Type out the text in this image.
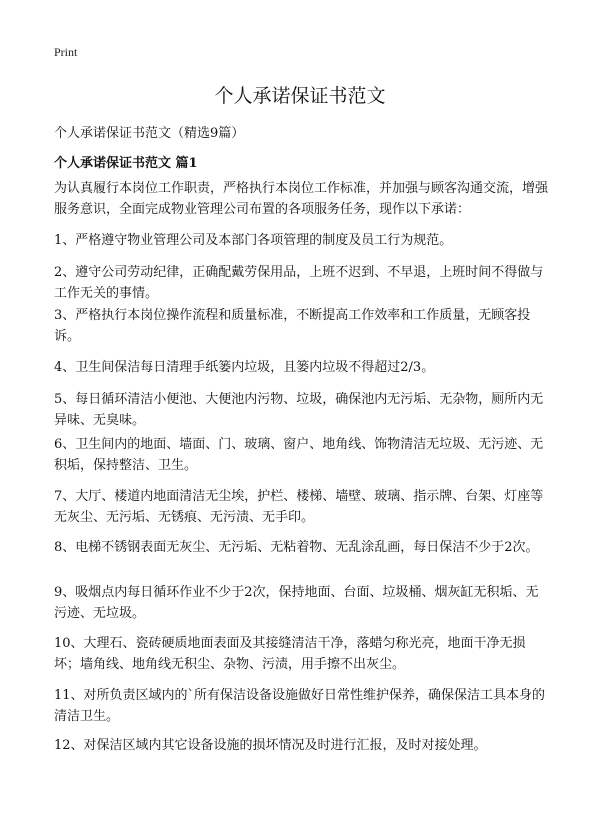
Print
个人承诺保证书范文
个人承诺保证书范文（精选9篇）
个人承诺保证书范文 篇1

为认真履行本岗位工作职责，严格执行本岗位工作标准，并加强与顾客沟通交流，增强服务意识，全面完成物业管理公司布置的各项服务任务，现作以下承诺：

1、严格遵守物业管理公司及本部门各项管理的制度及员工行为规范。

2、遵守公司劳动纪律，正确配戴劳保用品，上班不迟到、不早退，上班时间不得做与工作无关的事情。

3、严格执行本岗位操作流程和质量标准，不断提高工作效率和工作质量，无顾客投诉。

4、卫生间保洁每日清理手纸篓内垃圾，且篓内垃圾不得超过2/3。

5、每日循环清洁小便池、大便池内污物、垃圾，确保池内无污垢、无杂物，厕所内无异味、无臭味。

6、卫生间内的地面、墙面、门、玻璃、窗户、地角线、饰物清洁无垃圾、无污迹、无积垢，保持整洁、卫生。

7、大厅、楼道内地面清洁无尘埃，护栏、楼梯、墙壁、玻璃、指示牌、台架、灯座等无灰尘、无污垢、无锈痕、无污渍、无手印。

8、电梯不锈钢表面无灰尘、无污垢、无粘着物、无乱涂乱画，每日保洁不少于2次。

9、吸烟点内每日循环作业不少于2次，保持地面、台面、垃圾桶、烟灰缸无积垢、无污迹、无垃圾。

10、大理石、瓷砖硬质地面表面及其接缝清洁干净，落蜡匀称光亮，地面干净无损坏；墙角线、地角线无积尘、杂物、污渍，用手擦不出灰尘。

11、对所负责区域内的`所有保洁设备设施做好日常性维护保养，确保保洁工具本身的清洁卫生。

12、对保洁区域内其它设备设施的损坏情况及时进行汇报，及时对接处理。
